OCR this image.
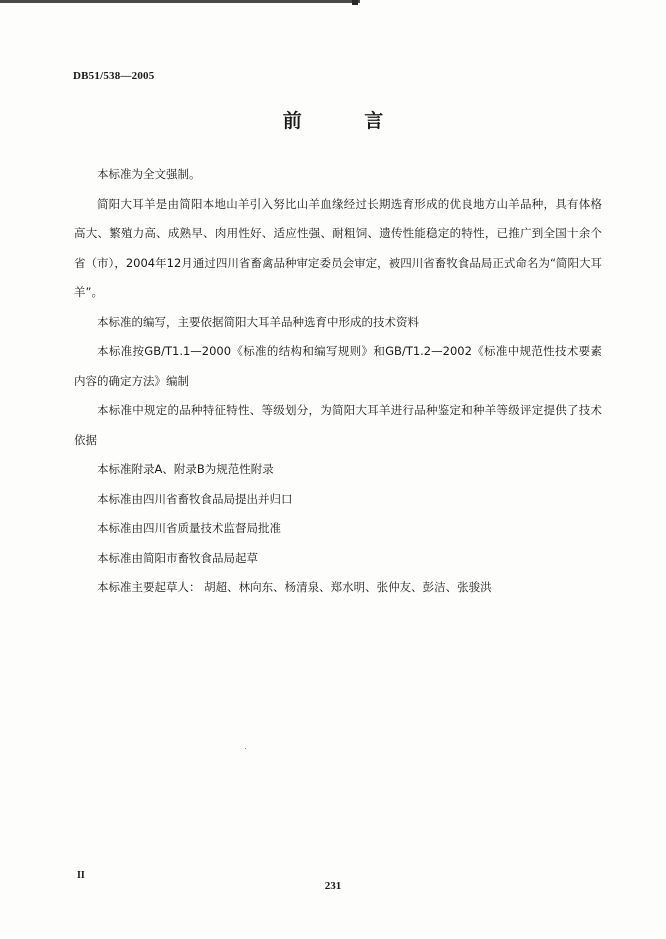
DB51/538—2005
前 言

本标准为全文强制。

简阳大耳羊是由简阳本地山羊引入努比山羊血缘经过长期选育形成的优良地方山羊品种，具有体格高大、繁殖力高、成熟早、肉用性好、适应性强、耐粗饲、遗传性能稳定的特性，已推广到全国十余个省（市），2004年12月通过四川省畜禽品种审定委员会审定，被四川省畜牧食品局正式命名为“简阳大耳羊”。

本标准的编写，主要依据简阳大耳羊品种选育中形成的技术资料

本标准按GB/T1.1—2000《标准的结构和编写规则》和GB/T1.2—2002《标准中规范性技术要素内容的确定方法》编制

本标准中规定的品种特征特性、等级划分，为简阳大耳羊进行品种鉴定和种羊等级评定提供了技术依据

本标准附录A、附录B为规范性附录

本标准由四川省畜牧食品局提出并归口

本标准由四川省质量技术监督局批准

本标准由简阳市畜牧食品局起草

本标准主要起草人： 胡超、林向东、杨清泉、郑水明、张仲友、彭洁、张骏洪

II
231
